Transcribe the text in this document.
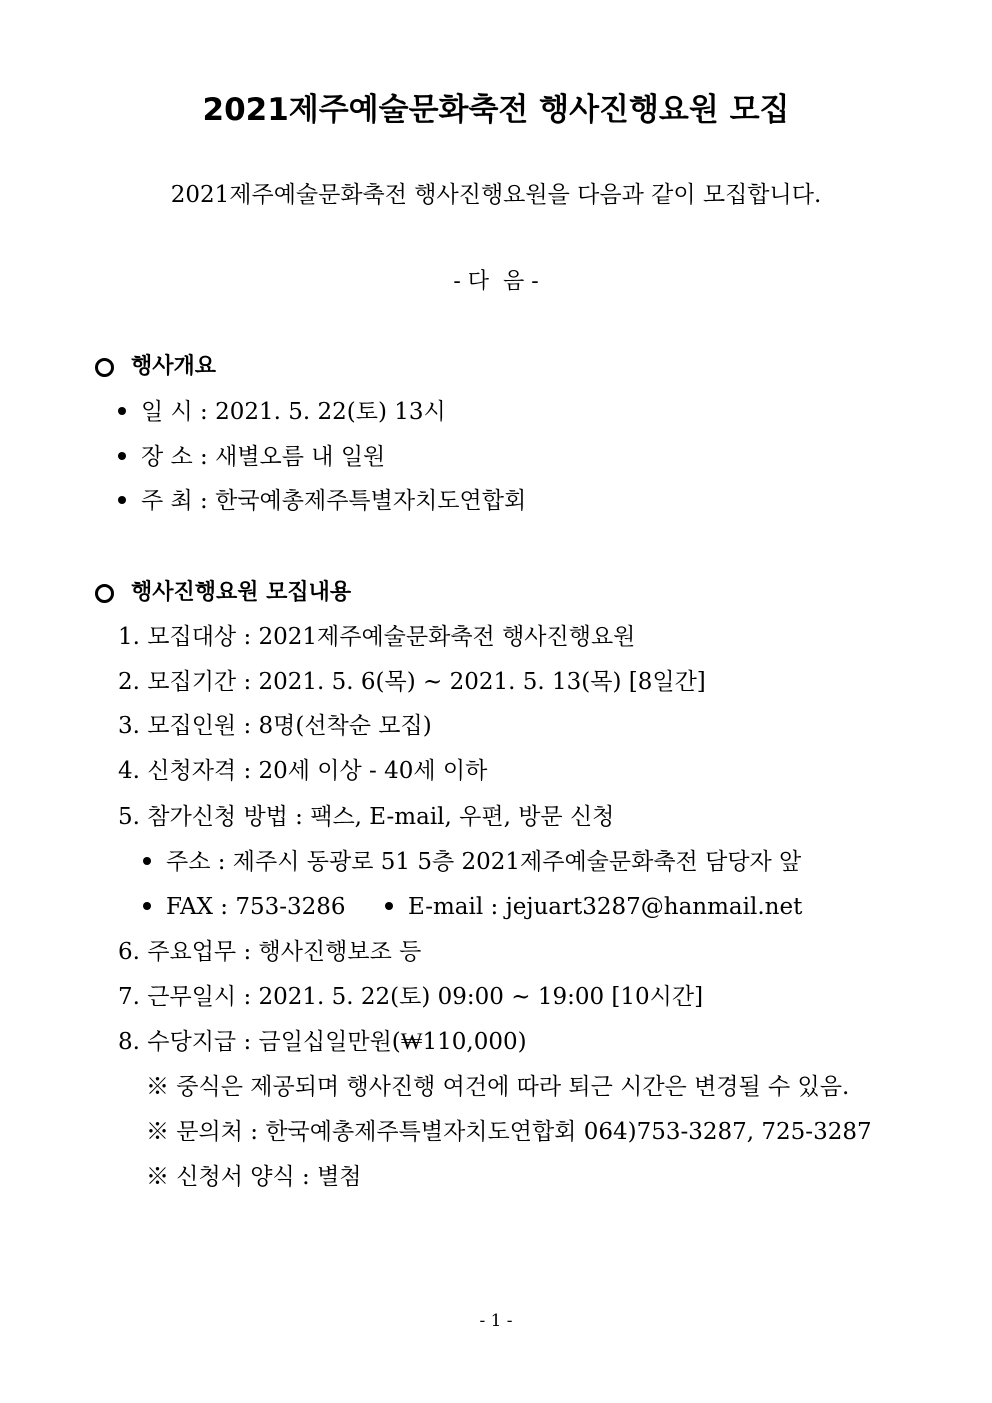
2021제주예술문화축전 행사진행요원 모집
2021제주예술문화축전 행사진행요원을 다음과 같이 모집합니다.
- 다  음 -
행사개요
일 시 : 2021. 5. 22(토) 13시
장 소 : 새별오름 내 일원
주 최 : 한국예총제주특별자치도연합회
행사진행요원 모집내용
1. 모집대상 : 2021제주예술문화축전 행사진행요원
2. 모집기간 : 2021. 5. 6(목) ~ 2021. 5. 13(목) [8일간]
3. 모집인원 : 8명(선착순 모집)
4. 신청자격 : 20세 이상 - 40세 이하
5. 참가신청 방법 : 팩스, E-mail, 우편, 방문 신청
주소 : 제주시 동광로 51 5층 2021제주예술문화축전 담당자 앞
FAX : 753-3286	E-mail : jejuart3287@hanmail.net
6. 주요업무 : 행사진행보조 등
7. 근무일시 : 2021. 5. 22(토) 09:00 ~ 19:00 [10시간]
8. 수당지급 : 금일십일만원(₩110,000)
※ 중식은 제공되며 행사진행 여건에 따라 퇴근 시간은 변경될 수 있음.
※ 문의처 : 한국예총제주특별자치도연합회 064)753-3287, 725-3287
※ 신청서 양식 : 별첨
- 1 -
